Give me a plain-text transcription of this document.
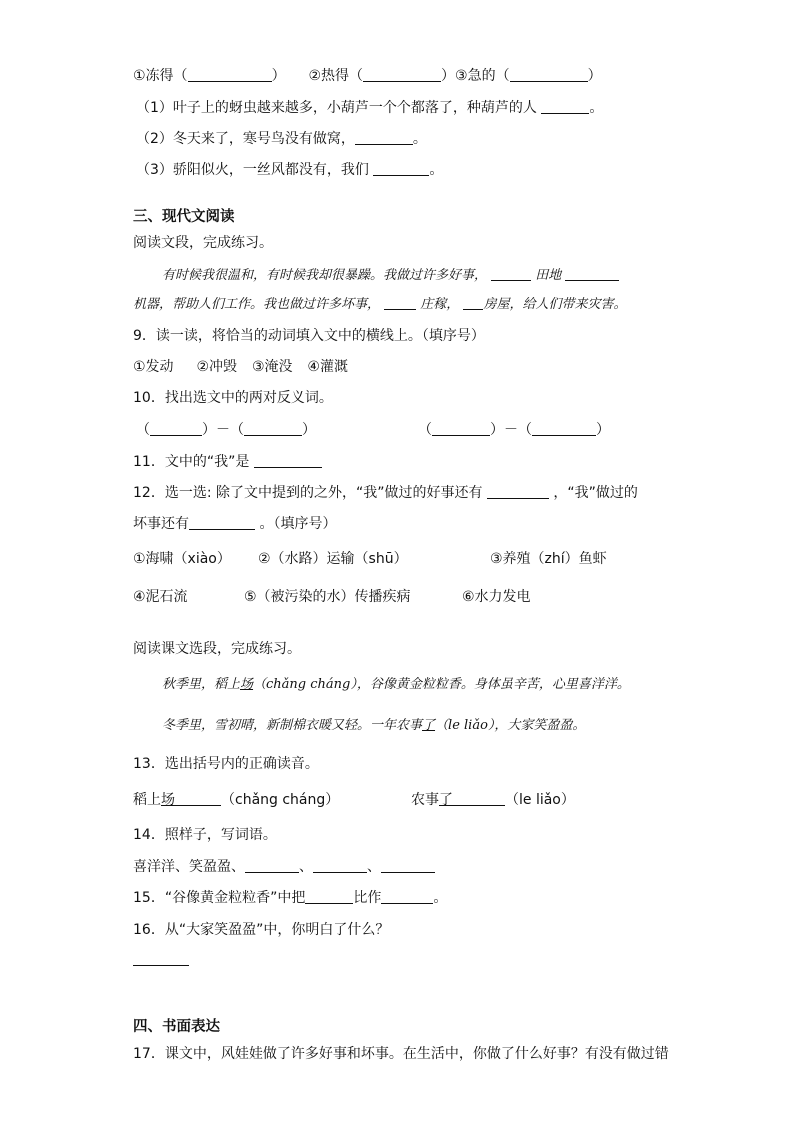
①冻得（	） ②热得（	）③急的（	）
（1）叶子上的蚜虫越来越多，小葫芦一个个都落了，种葫芦的人	。
（2）冬天来了，寒号鸟没有做窝，	。
（3）骄阳似火，一丝风都没有，我们	。
三、现代文阅读
阅读文段，完成练习。
有时候我很温和，有时候我却很暴躁。我做过许多好事，	田地
机器，帮助人们工作。我也做过许多坏事，	庄稼， 房屋，给人们带来灾害。
9．读一读，将恰当的动词填入文中的横线上。（填序号）
①发动 ②冲毁 ③淹没 ④灌溉
10．找出选文中的两对反义词。
（	）－（	）	（	）－（	）
11．文中的“我”是
12．选一选: 除了文中提到的之外，“我”做过的好事还有	，“我”做过的
坏事还有	。（填序号）
①海啸（xiào） ②（水路）运输（shū）	③养殖（zhí）鱼虾
④泥石流	⑤（被污染的水）传播疾病	⑥水力发电
阅读课文选段，完成练习。
秋季里，稻上场（chǎng cháng），谷像黄金粒粒香。身体虽辛苦，心里喜洋洋。
冬季里，雪初晴，新制棉衣暖又轻。一年农事了（le liǎo），大家笑盈盈。
13．选出括号内的正确读音。
稻上场	（chǎng cháng）	农事了	（le liǎo）
14．照样子，写词语。
喜洋洋、笑盈盈、	、	、
15．“谷像黄金粒粒香”中把	比作	。
16．从“大家笑盈盈”中，你明白了什么？
四、书面表达
17．课文中，风娃娃做了许多好事和坏事。在生活中，你做了什么好事？有没有做过错
